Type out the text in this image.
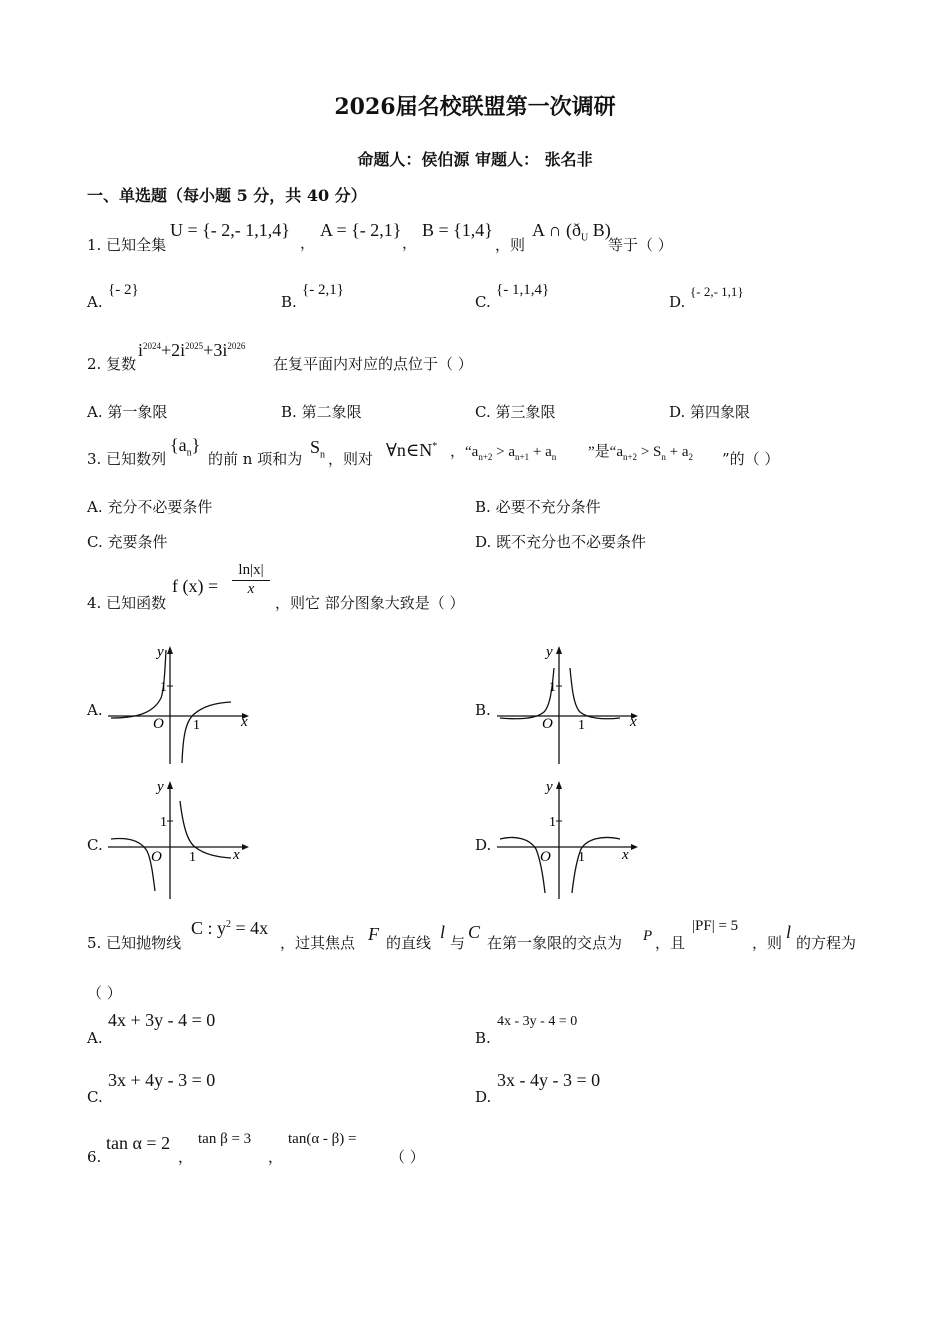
2026届名校联盟第一次调研
命题人：侯伯源 审题人： 张名非
一、单选题（每小题 5 分，共 40 分）
1. 已知全集
U = {- 2,- 1,1,4}
，
A = {- 2,1}
，
B = {1,4}
，则
A ∩ ($ð_U$ B)
等于（ ）
A.
{- 2}
B.
{- 2,1}
C.
{- 1,1,4}
D.
{- 2,- 1,1}
2. 复数
$i^{2024}+2i^{2025}+3i^{2026}$
在复平面内对应的点位于（ ）
A. 第一象限	B. 第二象限	C. 第三象限	D. 第四象限
3. 已知数列
$\{a_n\}$
的前 n 项和为
$S_n$ ，则对 ∀n∈N* ，“$a_{n+2} > a_{n+1} + a_n$ ”是“$a_{n+2} > S_n + a_2$ ”的（ ）
A. 充分不必要条件	B. 必要不充分条件
C. 充要条件	D. 既不充分也不必要条件
4. 已知函数
f $(x) = \frac{\ln|x|}{x}$
，则它 部分图象大致是（ ）
A.	B.
C.	D.
y
x
O
1
1
y
x
O
1
1
y
x
O
1
1
y
x
O
1
1
5. 已知抛物线
C : $y^2 = 4x$
，过其焦点 F 的直线
l
与
C
在第一象限的交点为 P ，且
|PF| = 5
，则
l
的方程为
（ ）
A.
4x + 3y - 4 = 0
B.
4x - 3y - 4 = 0
C.
3x + 4y - 3 = 0
D.
3x - 4y - 3 = 0
6.
tan α = 2
，
tan β = 3
，
tan(α - β) =
（ ）
